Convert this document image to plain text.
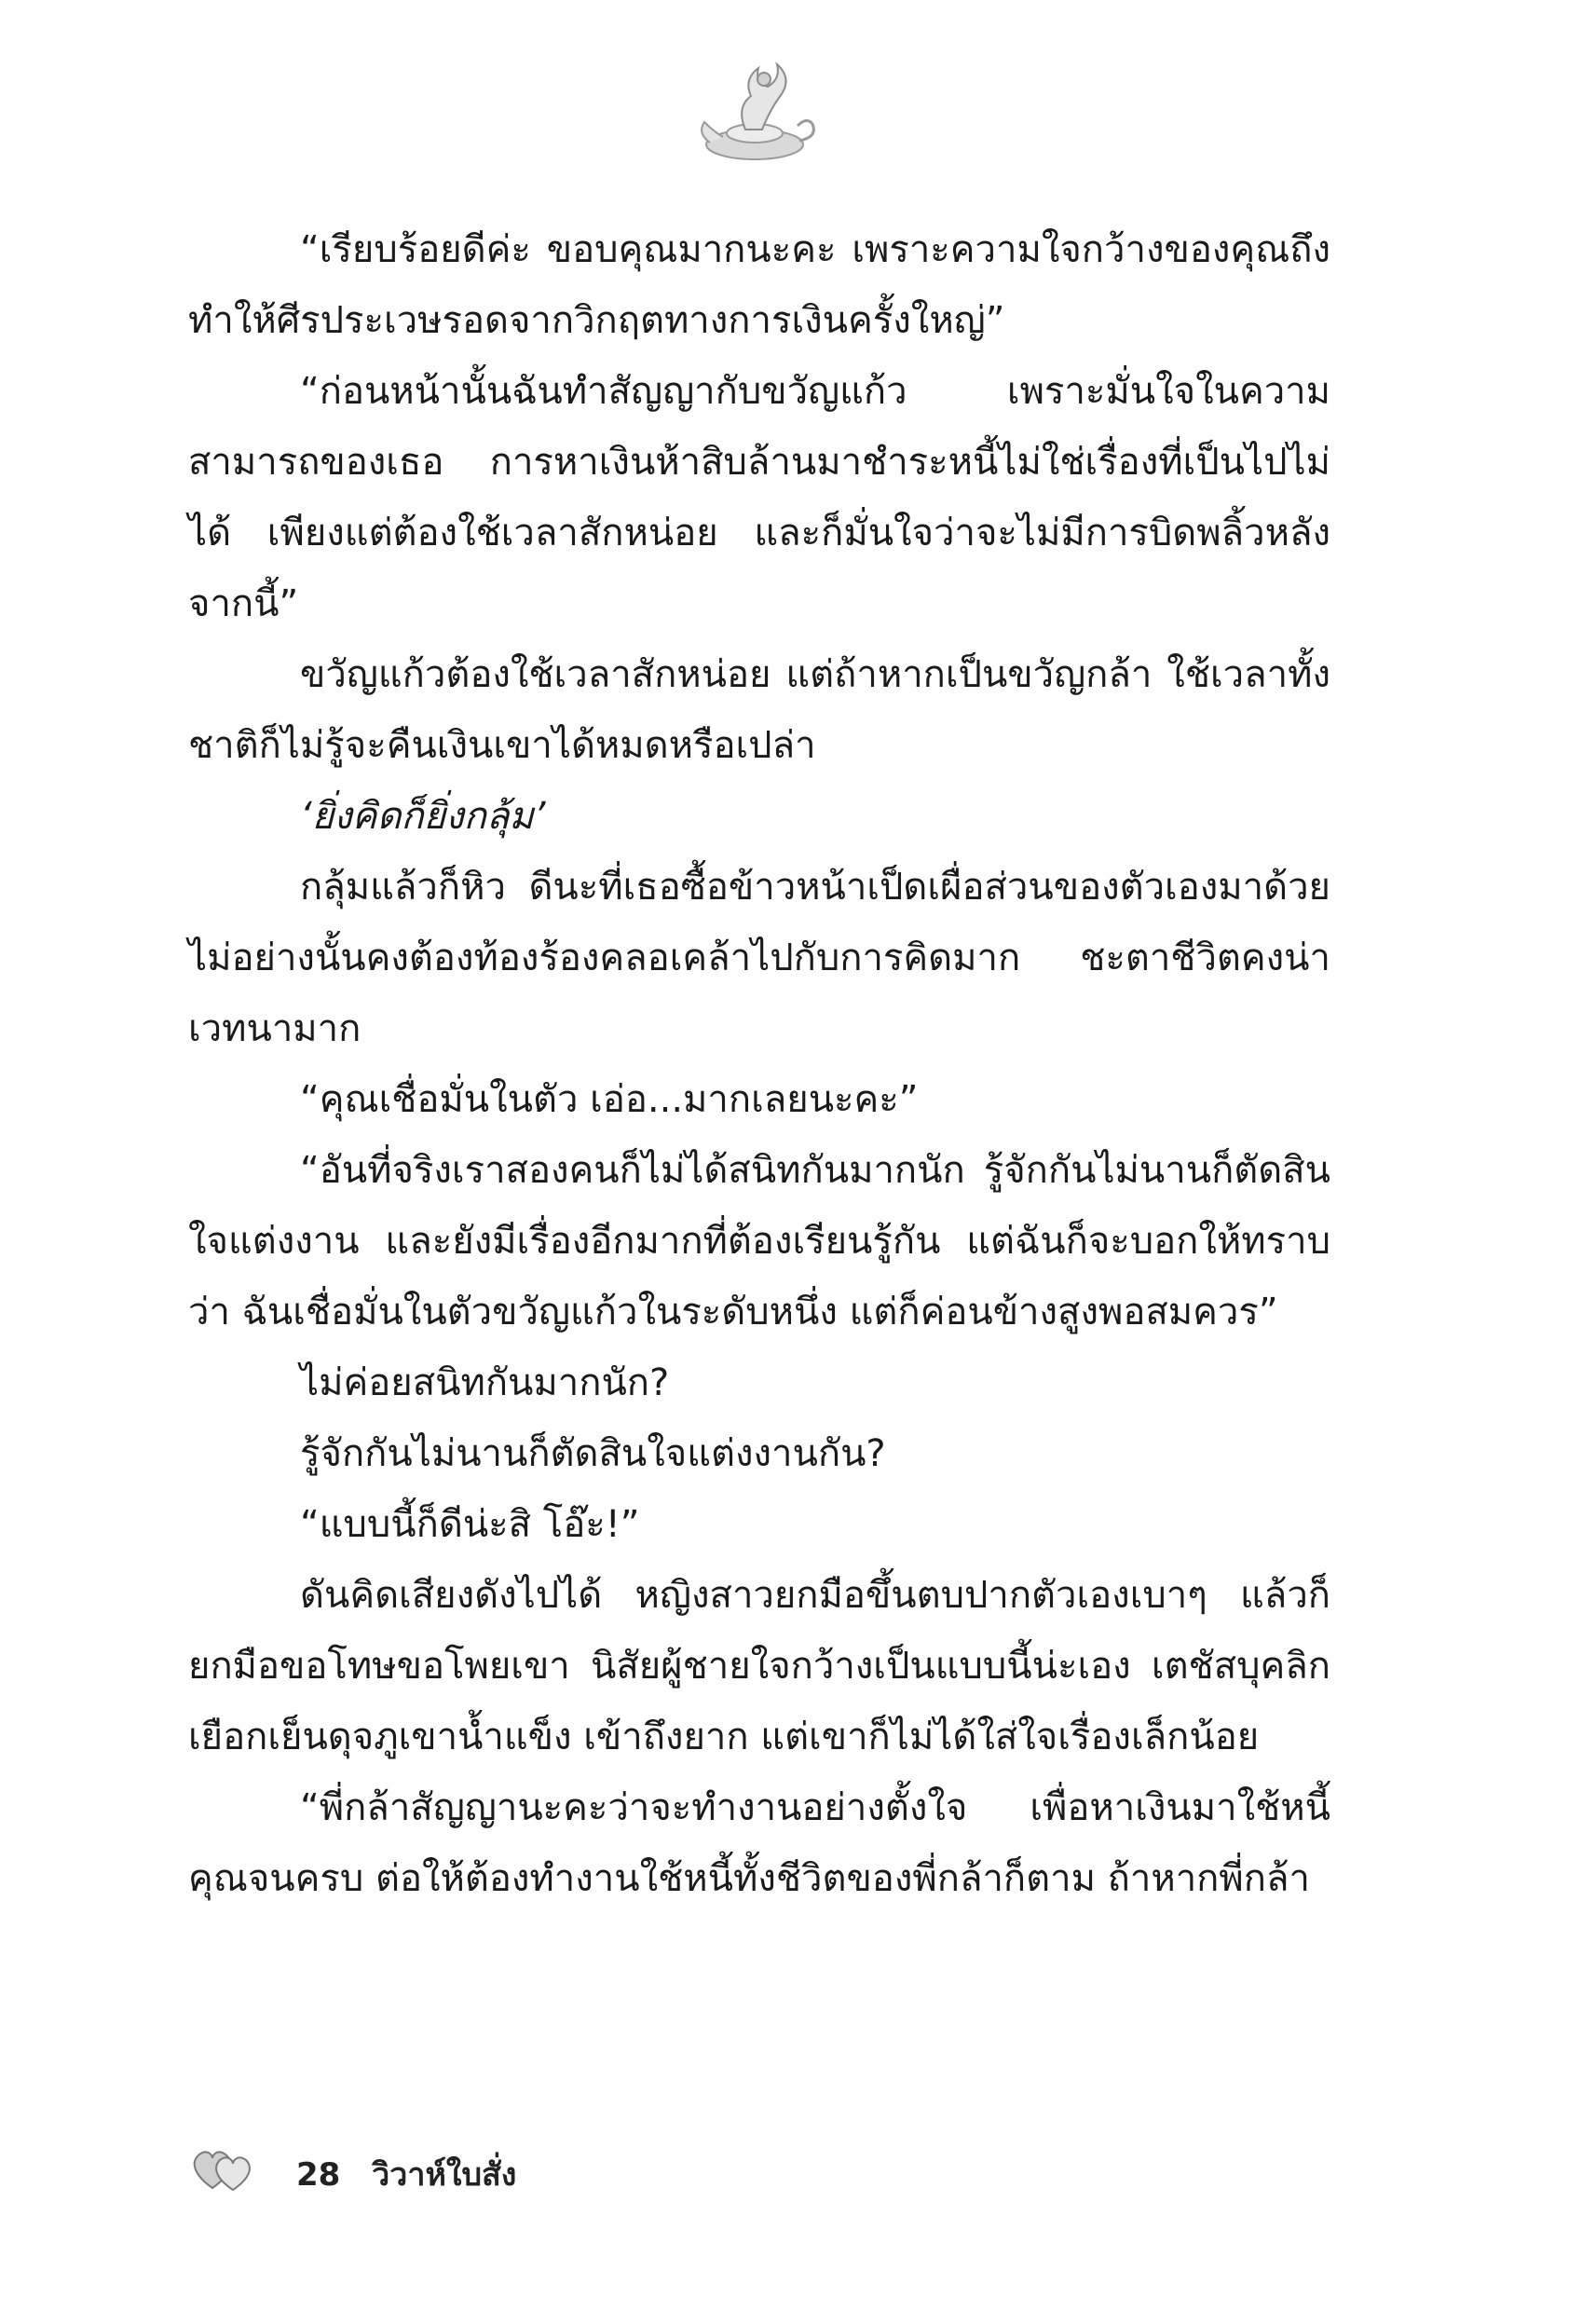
“เรียบร้อยดีค่ะ ขอบคุณมากนะคะ เพราะความใจกว้างของคุณถึงทำให้ศีรประเวษรอดจากวิกฤตทางการเงินครั้งใหญ่”

“ก่อนหน้านั้นฉันทำสัญญากับขวัญแก้ว เพราะมั่นใจในความสามารถของเธอ การหาเงินห้าสิบล้านมาชำระหนี้ไม่ใช่เรื่องที่เป็นไปไม่ได้ เพียงแต่ต้องใช้เวลาสักหน่อย และก็มั่นใจว่าจะไม่มีการบิดพลิ้วหลังจากนี้”

ขวัญแก้วต้องใช้เวลาสักหน่อย แต่ถ้าหากเป็นขวัญกล้า ใช้เวลาทั้งชาติก็ไม่รู้จะคืนเงินเขาได้หมดหรือเปล่า

‘ยิ่งคิดก็ยิ่งกลุ้ม’

กลุ้มแล้วก็หิว ดีนะที่เธอซื้อข้าวหน้าเป็ดเผื่อส่วนของตัวเองมาด้วย ไม่อย่างนั้นคงต้องท้องร้องคลอเคล้าไปกับการคิดมาก ชะตาชีวิตคงน่าเวทนามาก

“คุณเชื่อมั่นในตัว เอ่อ...มากเลยนะคะ”

“อันที่จริงเราสองคนก็ไม่ได้สนิทกันมากนัก รู้จักกันไม่นานก็ตัดสินใจแต่งงาน และยังมีเรื่องอีกมากที่ต้องเรียนรู้กัน แต่ฉันก็จะบอกให้ทราบว่า ฉันเชื่อมั่นในตัวขวัญแก้วในระดับหนึ่ง แต่ก็ค่อนข้างสูงพอสมควร”

ไม่ค่อยสนิทกันมากนัก?

รู้จักกันไม่นานก็ตัดสินใจแต่งงานกัน?

“แบบนี้ก็ดีน่ะสิ โอ๊ะ!”

ดันคิดเสียงดังไปได้ หญิงสาวยกมือขึ้นตบปากตัวเองเบาๆ แล้วก็ยกมือขอโทษขอโพยเขา นิสัยผู้ชายใจกว้างเป็นแบบนี้น่ะเอง เตชัสบุคลิกเยือกเย็นดุจภูเขาน้ำแข็ง เข้าถึงยาก แต่เขาก็ไม่ได้ใส่ใจเรื่องเล็กน้อย

“พี่กล้าสัญญานะคะว่าจะทำงานอย่างตั้งใจ เพื่อหาเงินมาใช้หนี้คุณจนครบ ต่อให้ต้องทำงานใช้หนี้ทั้งชีวิตของพี่กล้าก็ตาม ถ้าหากพี่กล้า

28 วิวาห์ใบสั่ง
